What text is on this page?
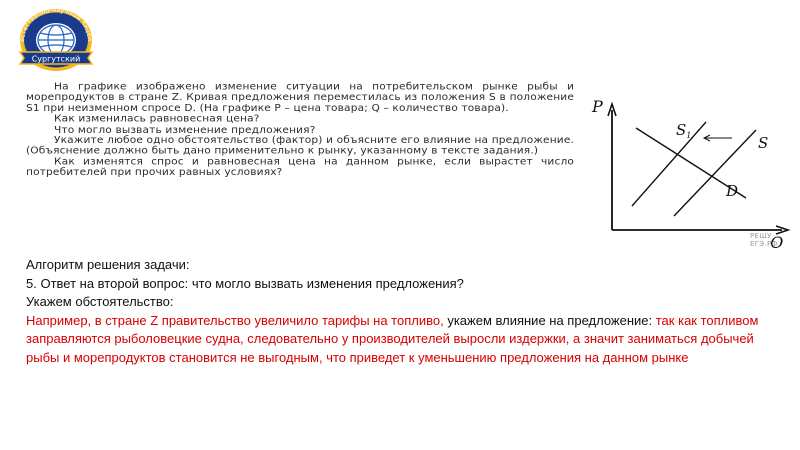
естественно-научный лицей
Сургутский

На графике изображено изменение ситуации на потребительском рынке рыбы и морепродуктов в стране Z. Кривая предложения переместилась из положения S в положение S1 при неизменном спросе D. (На графике P – цена товара; Q – количество товара).

Как изменилась равновесная цена?

Что могло вызвать изменение предложения?

Укажите любое одно обстоятельство (фактор) и объясните его влияние на предложение. (Объяснение должно быть дано применительно к рынку, указанному в тексте задания.)

Как изменятся спрос и равновесная цена на данном рынке, если вырастет число потребителей при прочих равных условиях?

P
Q
$S_1$	S
D
РЕШУ ЕГЭ.РФ

Алгоритм решения задачи:

5. Ответ на второй вопрос: что могло вызвать изменения предложения?

Укажем обстоятельство:

Например, в стране Z правительство увеличило тарифы на топливо, укажем влияние на предложение: так как топливом заправляются рыболовецкие судна, следовательно у производителей выросли издержки, а значит заниматься добычей рыбы и морепродуктов становится не выгодным, что приведет к уменьшению предложения на данном рынке
